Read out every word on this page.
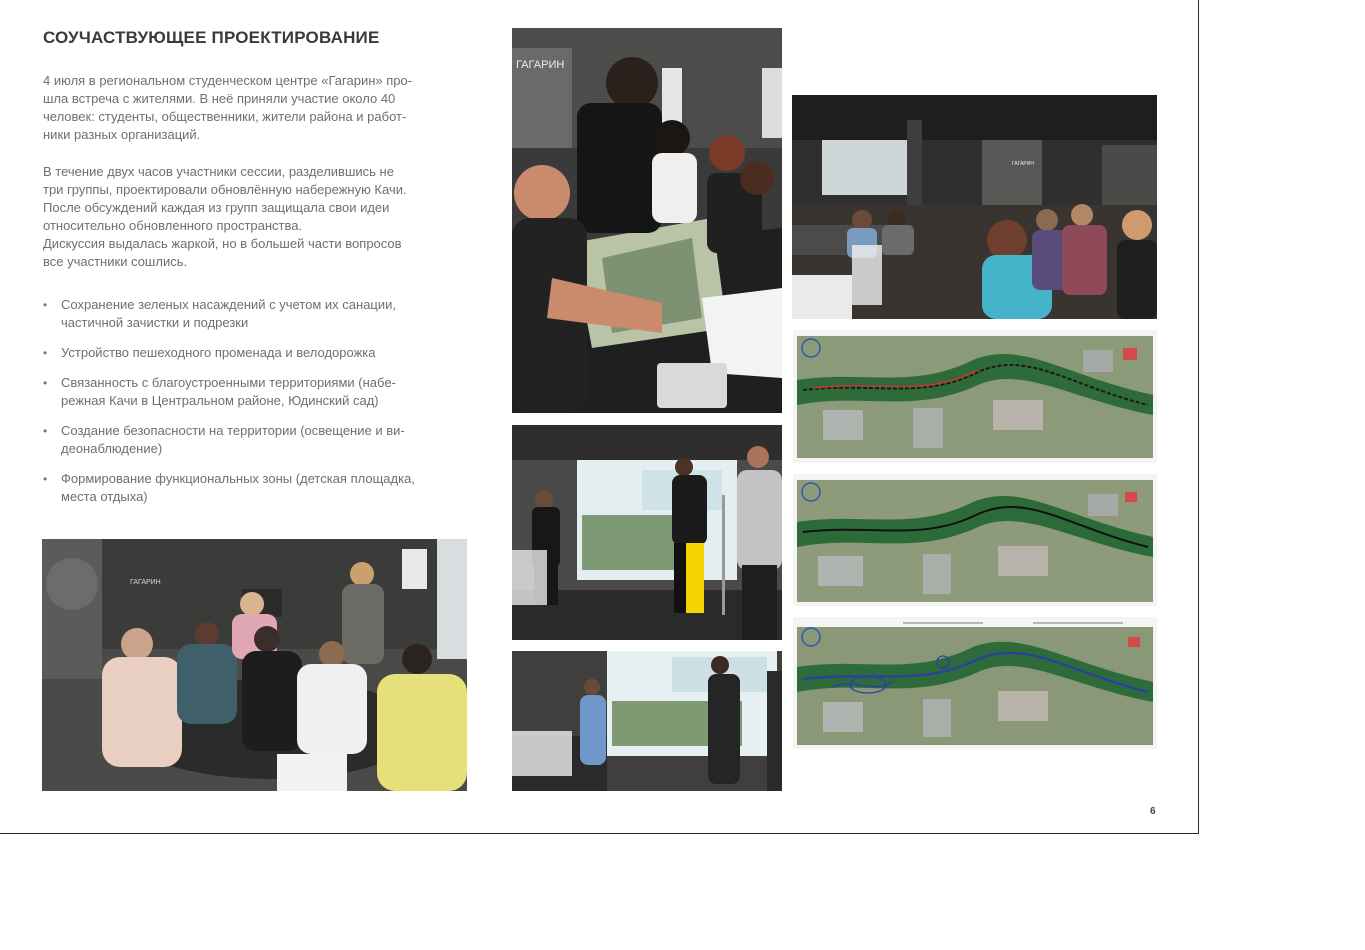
СОУЧАСТВУЮЩЕЕ ПРОЕКТИРОВАНИЕ

4 июля в региональном студенческом центре «Гагарин» про-
шла встреча с жителями. В неё приняли участие около 40
человек: студенты, общественники, жители района и работ-
ники разных организаций.

В течение двух часов участники сессии, разделившись не
три группы, проектировали обновлённую набережную Качи.
После обсуждений каждая из групп защищала свои идеи
относительно обновленного пространства.
Дискуссия выдалась жаркой, но в большей части вопросов
все участники сошлись.

• Сохранение зеленых насаждений с учетом их санации,
частичной зачистки и подрезки
• Устройство пешеходного променада и велодорожка
• Связанность с благоустроенными территориями (набе-
режная Качи в Центральном районе, Юдинский сад)
• Создание безопасности на территории (освещение и ви-
деонаблюдение)
• Формирование функциональных зоны (детская площадка,
места отдыха)
ГАГАРИН
ГАГАРИН
ГАГАРИН
6
